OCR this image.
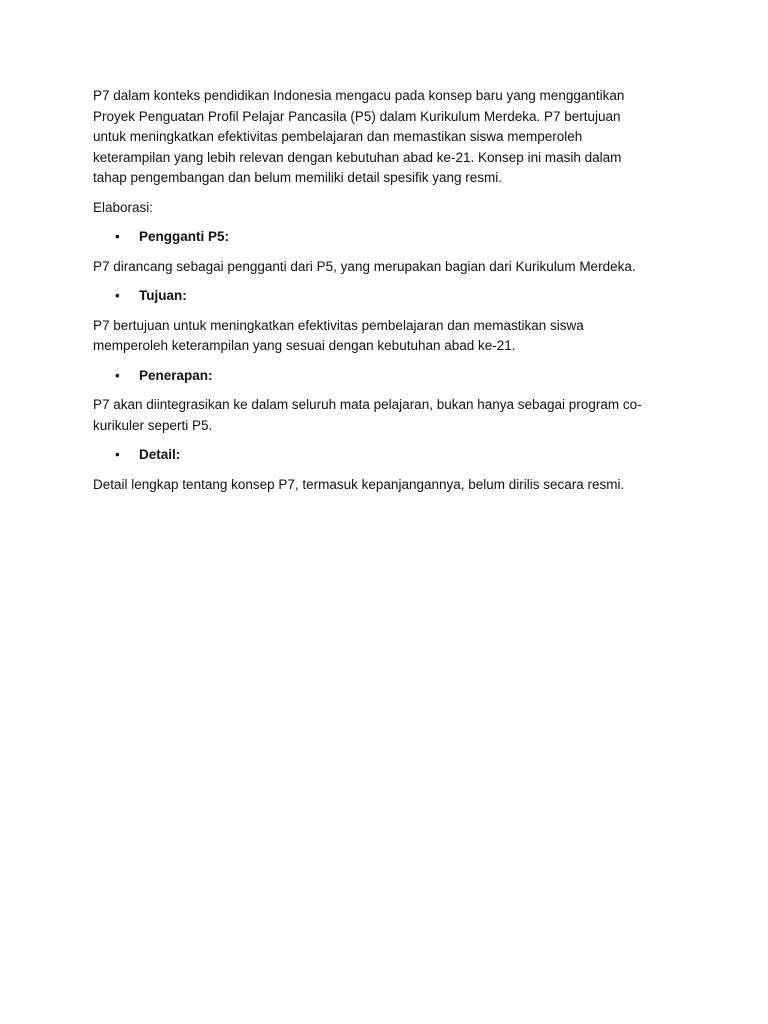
P7 dalam konteks pendidikan Indonesia mengacu pada konsep baru yang menggantikan
Proyek Penguatan Profil Pelajar Pancasila (P5) dalam Kurikulum Merdeka. P7 bertujuan
untuk meningkatkan efektivitas pembelajaran dan memastikan siswa memperoleh
keterampilan yang lebih relevan dengan kebutuhan abad ke-21. Konsep ini masih dalam
tahap pengembangan dan belum memiliki detail spesifik yang resmi.

Elaborasi:

• Pengganti P5:

P7 dirancang sebagai pengganti dari P5, yang merupakan bagian dari Kurikulum Merdeka.

• Tujuan:

P7 bertujuan untuk meningkatkan efektivitas pembelajaran dan memastikan siswa
memperoleh keterampilan yang sesuai dengan kebutuhan abad ke-21.

• Penerapan:

P7 akan diintegrasikan ke dalam seluruh mata pelajaran, bukan hanya sebagai program co-
kurikuler seperti P5.

• Detail:

Detail lengkap tentang konsep P7, termasuk kepanjangannya, belum dirilis secara resmi.
